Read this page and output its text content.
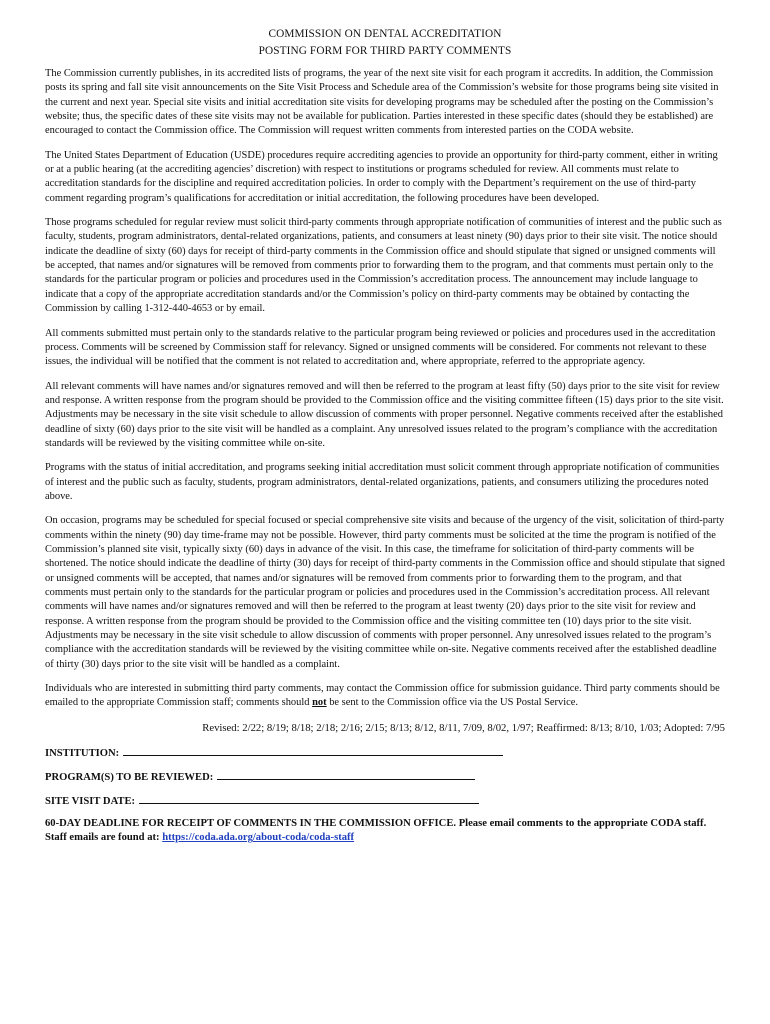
COMMISSION ON DENTAL ACCREDITATION
POSTING FORM FOR THIRD PARTY COMMENTS

The Commission currently publishes, in its accredited lists of programs, the year of the next site visit for each program it accredits. In addition, the Commission posts its spring and fall site visit announcements on the Site Visit Process and Schedule area of the Commission’s website for those programs being site visited in the current and next year. Special site visits and initial accreditation site visits for developing programs may be scheduled after the posting on the Commission’s website; thus, the specific dates of these site visits may not be available for publication. Parties interested in these specific dates (should they be established) are encouraged to contact the Commission office. The Commission will request written comments from interested parties on the CODA website.

The United States Department of Education (USDE) procedures require accrediting agencies to provide an opportunity for third-party comment, either in writing or at a public hearing (at the accrediting agencies’ discretion) with respect to institutions or programs scheduled for review. All comments must relate to accreditation standards for the discipline and required accreditation policies. In order to comply with the Department’s requirement on the use of third-party comment regarding program’s qualifications for accreditation or initial accreditation, the following procedures have been developed.

Those programs scheduled for regular review must solicit third-party comments through appropriate notification of communities of interest and the public such as faculty, students, program administrators, dental-related organizations, patients, and consumers at least ninety (90) days prior to their site visit. The notice should indicate the deadline of sixty (60) days for receipt of third-party comments in the Commission office and should stipulate that signed or unsigned comments will be accepted, that names and/or signatures will be removed from comments prior to forwarding them to the program, and that comments must pertain only to the standards for the particular program or policies and procedures used in the Commission’s accreditation process. The announcement may include language to indicate that a copy of the appropriate accreditation standards and/or the Commission’s policy on third-party comments may be obtained by contacting the Commission by calling 1-312-440-4653 or by email.

All comments submitted must pertain only to the standards relative to the particular program being reviewed or policies and procedures used in the accreditation process. Comments will be screened by Commission staff for relevancy. Signed or unsigned comments will be considered. For comments not relevant to these issues, the individual will be notified that the comment is not related to accreditation and, where appropriate, referred to the appropriate agency.

All relevant comments will have names and/or signatures removed and will then be referred to the program at least fifty (50) days prior to the site visit for review and response. A written response from the program should be provided to the Commission office and the visiting committee fifteen (15) days prior to the site visit. Adjustments may be necessary in the site visit schedule to allow discussion of comments with proper personnel. Negative comments received after the established deadline of sixty (60) days prior to the site visit will be handled as a complaint. Any unresolved issues related to the program’s compliance with the accreditation standards will be reviewed by the visiting committee while on-site.

Programs with the status of initial accreditation, and programs seeking initial accreditation must solicit comment through appropriate notification of communities of interest and the public such as faculty, students, program administrators, dental-related organizations, patients, and consumers utilizing the procedures noted above.

On occasion, programs may be scheduled for special focused or special comprehensive site visits and because of the urgency of the visit, solicitation of third-party comments within the ninety (90) day time-frame may not be possible. However, third party comments must be solicited at the time the program is notified of the Commission’s planned site visit, typically sixty (60) days in advance of the visit. In this case, the timeframe for solicitation of third-party comments will be shortened. The notice should indicate the deadline of thirty (30) days for receipt of third-party comments in the Commission office and should stipulate that signed or unsigned comments will be accepted, that names and/or signatures will be removed from comments prior to forwarding them to the program, and that comments must pertain only to the standards for the particular program or policies and procedures used in the Commission’s accreditation process. All relevant comments will have names and/or signatures removed and will then be referred to the program at least twenty (20) days prior to the site visit for review and response. A written response from the program should be provided to the Commission office and the visiting committee ten (10) days prior to the site visit. Adjustments may be necessary in the site visit schedule to allow discussion of comments with proper personnel. Any unresolved issues related to the program’s compliance with the accreditation standards will be reviewed by the visiting committee while on-site. Negative comments received after the established deadline of thirty (30) days prior to the site visit will be handled as a complaint.

Individuals who are interested in submitting third party comments, may contact the Commission office for submission guidance. Third party comments should be emailed to the appropriate Commission staff; comments should not be sent to the Commission office via the US Postal Service.

Revised: 2/22; 8/19; 8/18; 2/18; 2/16; 2/15; 8/13; 8/12, 8/11, 7/09, 8/02, 1/97; Reaffirmed: 8/13; 8/10, 1/03; Adopted: 7/95
INSTITUTION:
PROGRAM(S) TO BE REVIEWED:
SITE VISIT DATE:
60-DAY DEADLINE FOR RECEIPT OF COMMENTS IN THE COMMISSION OFFICE. Please email comments to the appropriate CODA staff. Staff emails are found at: https://coda.ada.org/about-coda/coda-staff
